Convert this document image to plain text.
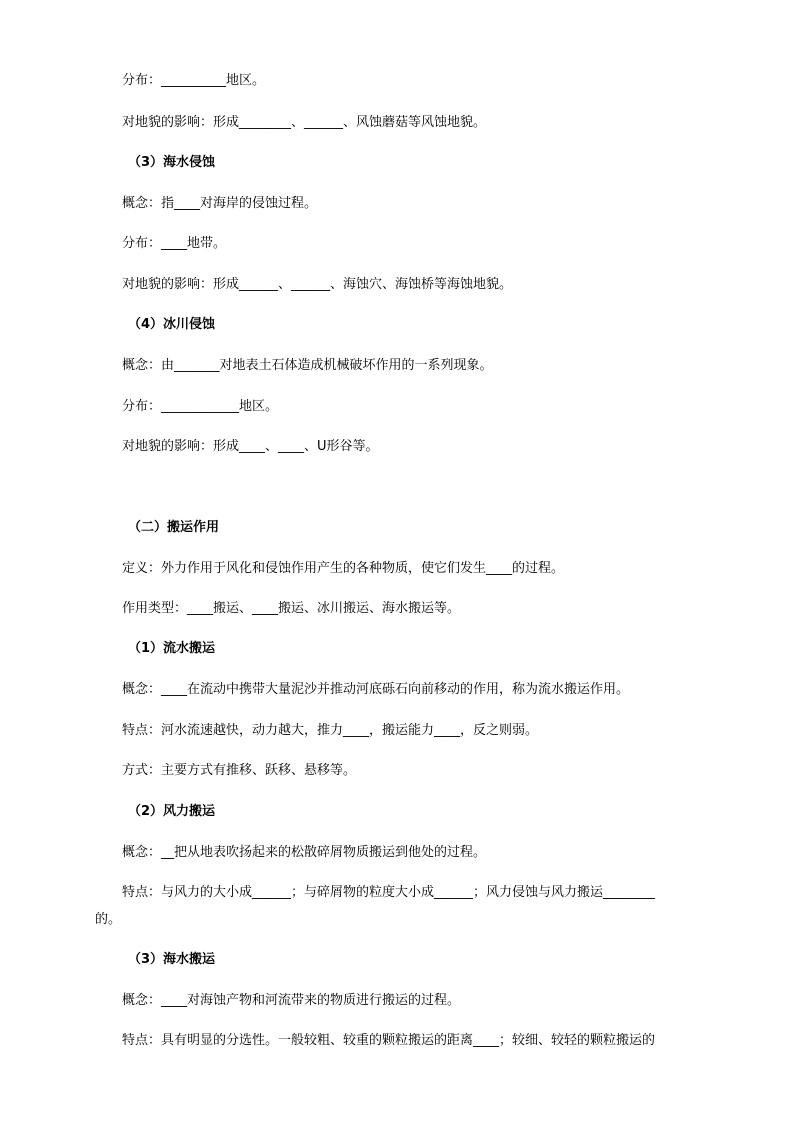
分布：__________地区。
对地貌的影响：形成________、______、风蚀蘑菇等风蚀地貌。
（3）海水侵蚀
概念：指____对海岸的侵蚀过程。
分布：____地带。
对地貌的影响：形成______、______、海蚀穴、海蚀桥等海蚀地貌。
（4）冰川侵蚀
概念：由_______对地表土石体造成机械破坏作用的一系列现象。
分布：____________地区。
对地貌的影响：形成____、____、U形谷等。
（二）搬运作用
定义：外力作用于风化和侵蚀作用产生的各种物质，使它们发生____的过程。
作用类型：____搬运、____搬运、冰川搬运、海水搬运等。
（1）流水搬运
概念：____在流动中携带大量泥沙并推动河底砾石向前移动的作用，称为流水搬运作用。
特点：河水流速越快，动力越大，推力____，搬运能力____，反之则弱。
方式：主要方式有推移、跃移、悬移等。
（2）风力搬运
概念：__把从地表吹扬起来的松散碎屑物质搬运到他处的过程。
特点：与风力的大小成______；与碎屑物的粒度大小成______；风力侵蚀与风力搬运________
的。
（3）海水搬运
概念：____对海蚀产物和河流带来的物质进行搬运的过程。
特点：具有明显的分选性。一般较粗、较重的颗粒搬运的距离____；较细、较轻的颗粒搬运的
